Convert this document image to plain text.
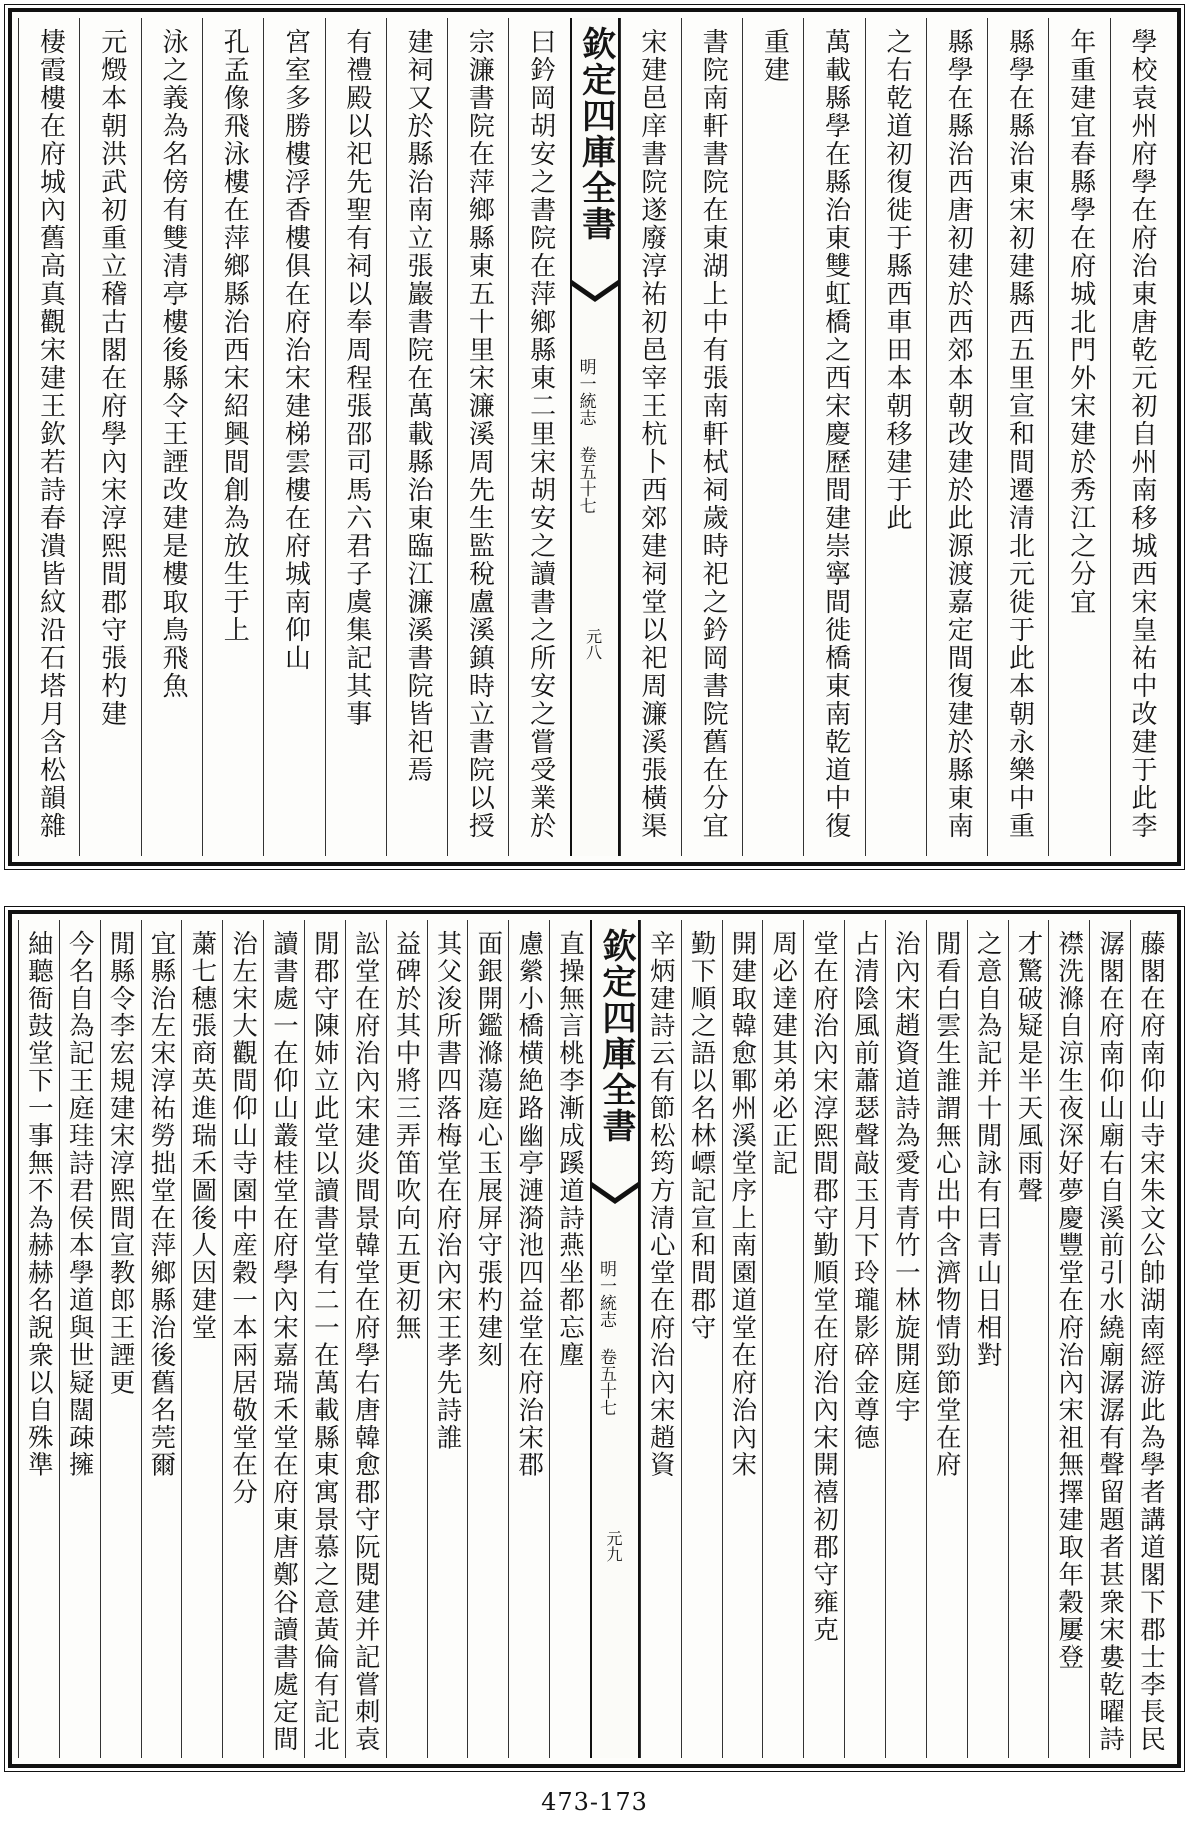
學校袁州府學在府治東唐乾元初自州南移城西宋皇祐中改建于此李
年重建宜春縣學在府城北門外宋建於秀江之分宜
縣學在縣治東宋初建縣西五里宣和間遷清北元徙于此本朝永樂中重
縣學在縣治西唐初建於西郊本朝改建於此源渡嘉定間復建於縣東南
之右乾道初復徙于縣西車田本朝移建于此
萬載縣學在縣治東雙虹橋之西宋慶歷間建崇寧間徙橋東南乾道中復
重建
書院南軒書院在東湖上中有張南軒栻祠歲時祀之鈐岡書院舊在分宜
宋建邑庠書院遂廢淳祐初邑宰王杭卜西郊建祠堂以祀周濂溪張橫渠
欽定四庫全書
明一統志 卷五十七
元八
曰鈐岡胡安之書院在萍鄉縣東二里宋胡安之讀書之所安之嘗受業於
宗濂書院在萍鄉縣東五十里宋濂溪周先生監稅盧溪鎮時立書院以授
建祠又於縣治南立張巖書院在萬載縣治東臨江濂溪書院皆祀焉
有禮殿以祀先聖有祠以奉周程張邵司馬六君子虞集記其事
宮室多勝樓浮香樓俱在府治宋建梯雲樓在府城南仰山
孔孟像飛泳樓在萍鄉縣治西宋紹興間創為放生于上
泳之義為名傍有雙清亭樓後縣令王諲改建是樓取鳥飛魚
元燬本朝洪武初重立稽古閣在府學內宋淳熙間郡守張杓建
棲霞樓在府城內舊高真觀宋建王欽若詩春潰皆紋沿石塔月含松韻雜
藤閣在府南仰山寺宋朱文公帥湖南經游此為學者講道閣下郡士李長民
潺閣在府南仰山廟右自溪前引水繞廟潺潺有聲留題者甚衆宋婁乾曜詩
襟洗滌自涼生夜深好夢慶豐堂在府治內宋祖無擇建取年穀屢登
才驚破疑是半天風雨聲
之意自為記并十閒詠有曰青山日相對
閒看白雲生誰謂無心出中含濟物情勁節堂在府
治內宋趙資道詩為愛青青竹一林旋開庭宇
占清陰風前蕭瑟聲敲玉月下玲瓏影碎金尊德
堂在府治內宋淳熙間郡守勤順堂在府治內宋開禧初郡守雍克
周必達建其弟必正記
開建取韓愈鄆州溪堂序上南園道堂在府治內宋
勤下順之語以名林㟽記宣和間郡守
辛炳建詩云有節松筠方清心堂在府治內宋趙資
欽定四庫全書
明一統志 卷五十七
元九
直操無言桃李漸成蹊道詩燕坐都忘塵
慮縈小橋横絶路幽亭漣漪池四益堂在府治宋郡
面銀開鑑滌蕩庭心玉展屏守張杓建刻
其父浚所書四落梅堂在府治內宋王孝先詩誰
益碑於其中將三弄笛吹向五更初無
訟堂在府治內宋建炎間景韓堂在府學右唐韓愈郡守阮閱建并記嘗刺袁
閒郡守陳姉立此堂以讀書堂有二一在萬載縣東寓景慕之意黃倫有記北
讀書處一在仰山叢桂堂在府學內宋嘉瑞禾堂在府東唐鄭谷讀書處定間
治左宋大觀間仰山寺園中産穀一本兩居敬堂在分
䔥七穗張商英進瑞禾圖後人因建堂
宜縣治左宋淳祐勞拙堂在萍鄉縣治後舊名莞爾
閒縣令李宏規建宋淳熙間宣教郎王諲更
今名自為記王庭珪詩君侯本學道與世疑闊疎擁
紬聽衙鼓堂下一事無不為赫赫名誽衆以自殊準
473-173
